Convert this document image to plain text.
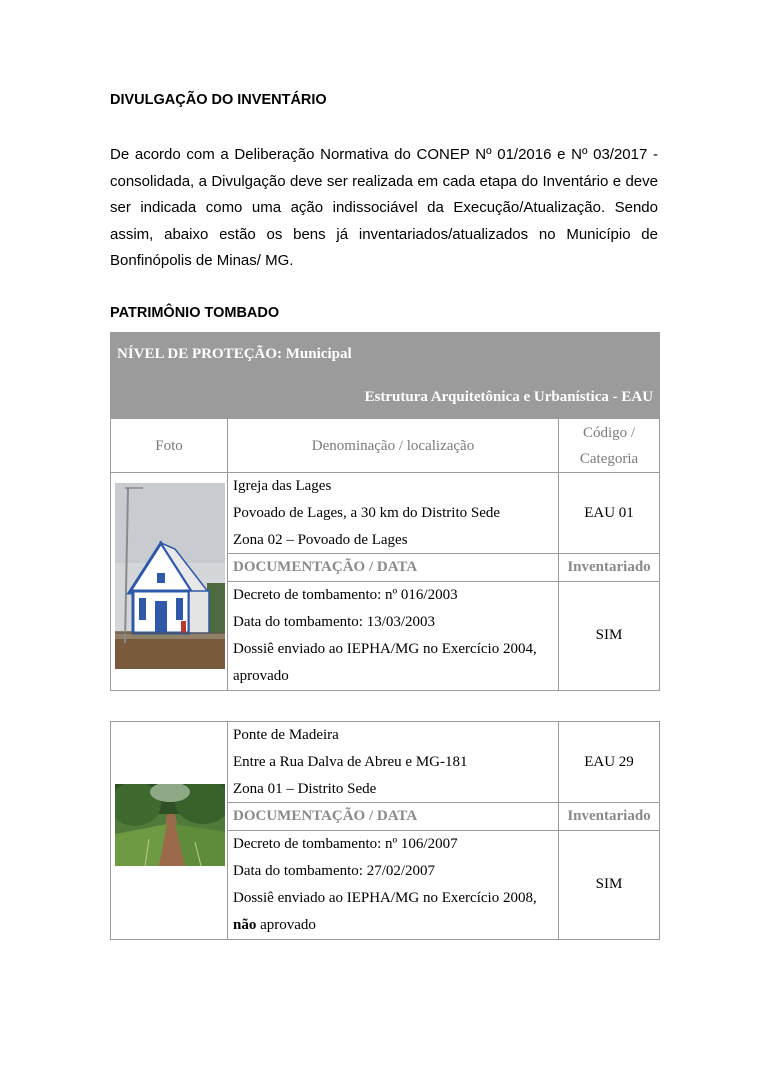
DIVULGAÇÃO DO INVENTÁRIO
De acordo com a Deliberação Normativa do CONEP Nº 01/2016 e Nº 03/2017 - consolidada, a Divulgação deve ser realizada em cada etapa do Inventário e deve ser indicada como uma ação indissociável da Execução/Atualização. Sendo assim, abaixo estão os bens já inventariados/atualizados no Município de Bonfinópolis de Minas/ MG.
PATRIMÔNIO TOMBADO
NÍVEL DE PROTEÇÃO: Municipal		
Estrutura Arquitetônica e Urbanística - EAU		
Foto	Denominação / localização	Código /
Categoria

Igreja das Lages
Povoado de Lages, a 30 km do Distrito Sede
Zona 02 – Povoado de Lages	EAU 01
	DOCUMENTAÇÃO / DATA	Inventariado

	Decreto de tombamento: nº 016/2003
Data do tombamento: 13/03/2003
Dossiê enviado ao IEPHA/MG no Exercício 2004,
aprovado	SIM

Ponte de Madeira
Entre a Rua Dalva de Abreu e MG-181
Zona 01 – Distrito Sede	EAU 29
	DOCUMENTAÇÃO / DATA	Inventariado

	Decreto de tombamento: nº 106/2007
Data do tombamento: 27/02/2007
Dossiê enviado ao IEPHA/MG no Exercício 2008,
não aprovado	SIM
